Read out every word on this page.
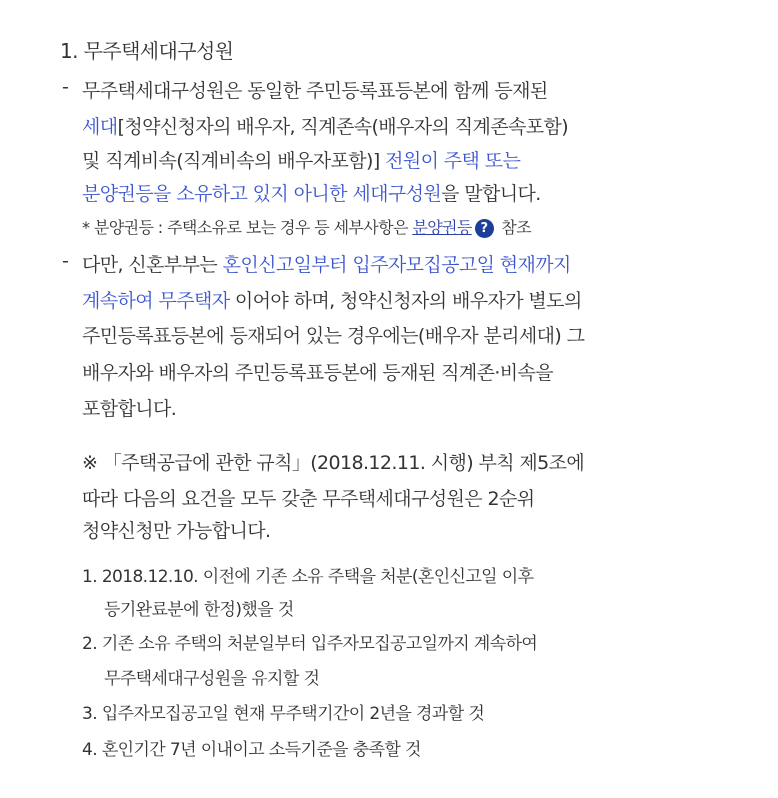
1. 무주택세대구성원
- 무주택세대구성원은 동일한 주민등록표등본에 함께 등재된
세대[청약신청자의 배우자, 직계존속(배우자의 직계존속포함)
및 직계비속(직계비속의 배우자포함)] 전원이 주택 또는
분양권등을 소유하고 있지 아니한 세대구성원을 말합니다.
* 분양권등 : 주택소유로 보는 경우 등 세부사항은 분양권등 ? 참조
- 다만, 신혼부부는 혼인신고일부터 입주자모집공고일 현재까지
계속하여 무주택자 이어야 하며, 청약신청자의 배우자가 별도의
주민등록표등본에 등재되어 있는 경우에는(배우자 분리세대) 그
배우자와 배우자의 주민등록표등본에 등재된 직계존·비속을
포함합니다.
※ 「주택공급에 관한 규칙」(2018.12.11. 시행) 부칙 제5조에
따라 다음의 요건을 모두 갖춘 무주택세대구성원은 2순위
청약신청만 가능합니다.
1. 2018.12.10. 이전에 기존 소유 주택을 처분(혼인신고일 이후
등기완료분에 한정)했을 것
2. 기존 소유 주택의 처분일부터 입주자모집공고일까지 계속하여
무주택세대구성원을 유지할 것
3. 입주자모집공고일 현재 무주택기간이 2년을 경과할 것
4. 혼인기간 7년 이내이고 소득기준을 충족할 것
